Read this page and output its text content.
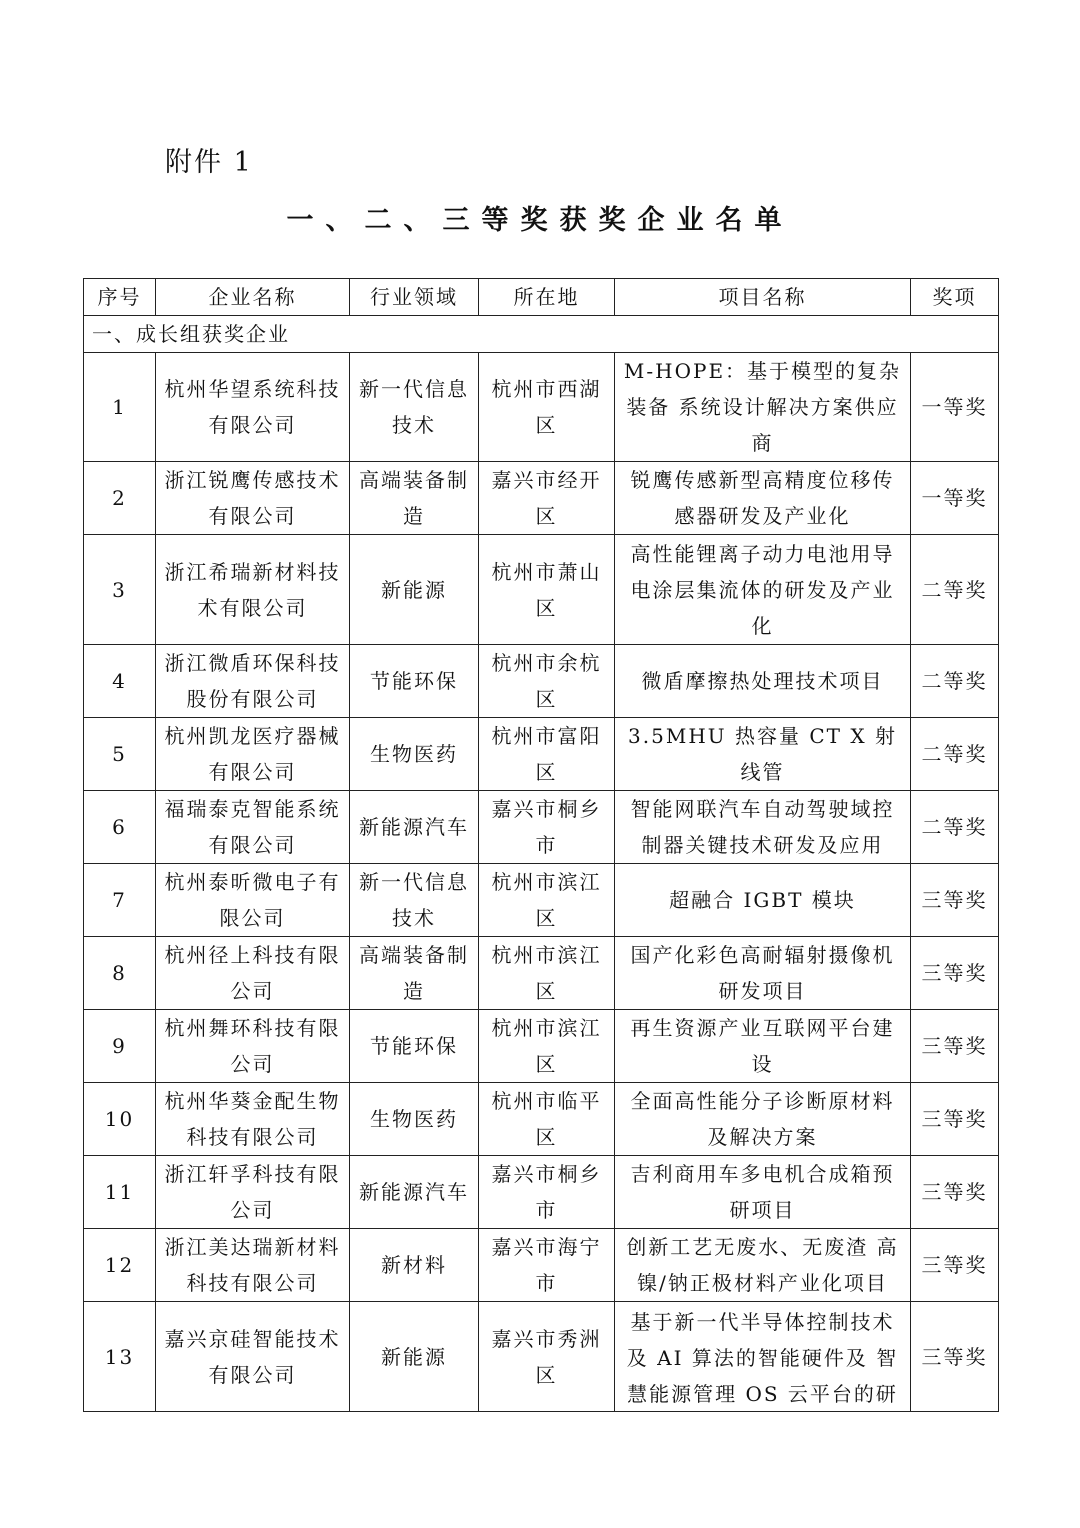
附件 1
一、二、三等奖获奖企业名单
序号	企业名称	行业领域	所在地	项目名称	奖项
一、成长组获奖企业					
1	杭州华望系统科技有限公司	新一代信息技术	杭州市西湖区	M-HOPE：基于模型的复杂装备 系统设计解决方案供应商	一等奖
2	浙江锐鹰传感技术有限公司	高端装备制造	嘉兴市经开区	锐鹰传感新型高精度位移传感器研发及产业化	一等奖
3	浙江希瑞新材料技术有限公司	新能源	杭州市萧山区	高性能锂离子动力电池用导电涂层集流体的研发及产业化	二等奖
4	浙江微盾环保科技股份有限公司	节能环保	杭州市余杭区	微盾摩擦热处理技术项目	二等奖
5	杭州凯龙医疗器械有限公司	生物医药	杭州市富阳区	3.5MHU 热容量 CT X 射线管	二等奖
6	福瑞泰克智能系统有限公司	新能源汽车	嘉兴市桐乡市	智能网联汽车自动驾驶域控制器关键技术研发及应用	二等奖
7	杭州泰昕微电子有限公司	新一代信息技术	杭州市滨江区	超融合 IGBT 模块	三等奖
8	杭州径上科技有限公司	高端装备制造	杭州市滨江区	国产化彩色高耐辐射摄像机研发项目	三等奖
9	杭州舞环科技有限公司	节能环保	杭州市滨江区	再生资源产业互联网平台建设	三等奖
10	杭州华葵金配生物科技有限公司	生物医药	杭州市临平区	全面高性能分子诊断原材料及解决方案	三等奖
11	浙江轩孚科技有限公司	新能源汽车	嘉兴市桐乡市	吉利商用车多电机合成箱预研项目	三等奖
12	浙江美达瑞新材料科技有限公司	新材料	嘉兴市海宁市	创新工艺无废水、无废渣 高镍/钠正极材料产业化项目	三等奖
13	嘉兴京硅智能技术有限公司	新能源	嘉兴市秀洲区	基于新一代半导体控制技术及 AI 算法的智能硬件及 智慧能源管理 OS 云平台的研	三等奖
